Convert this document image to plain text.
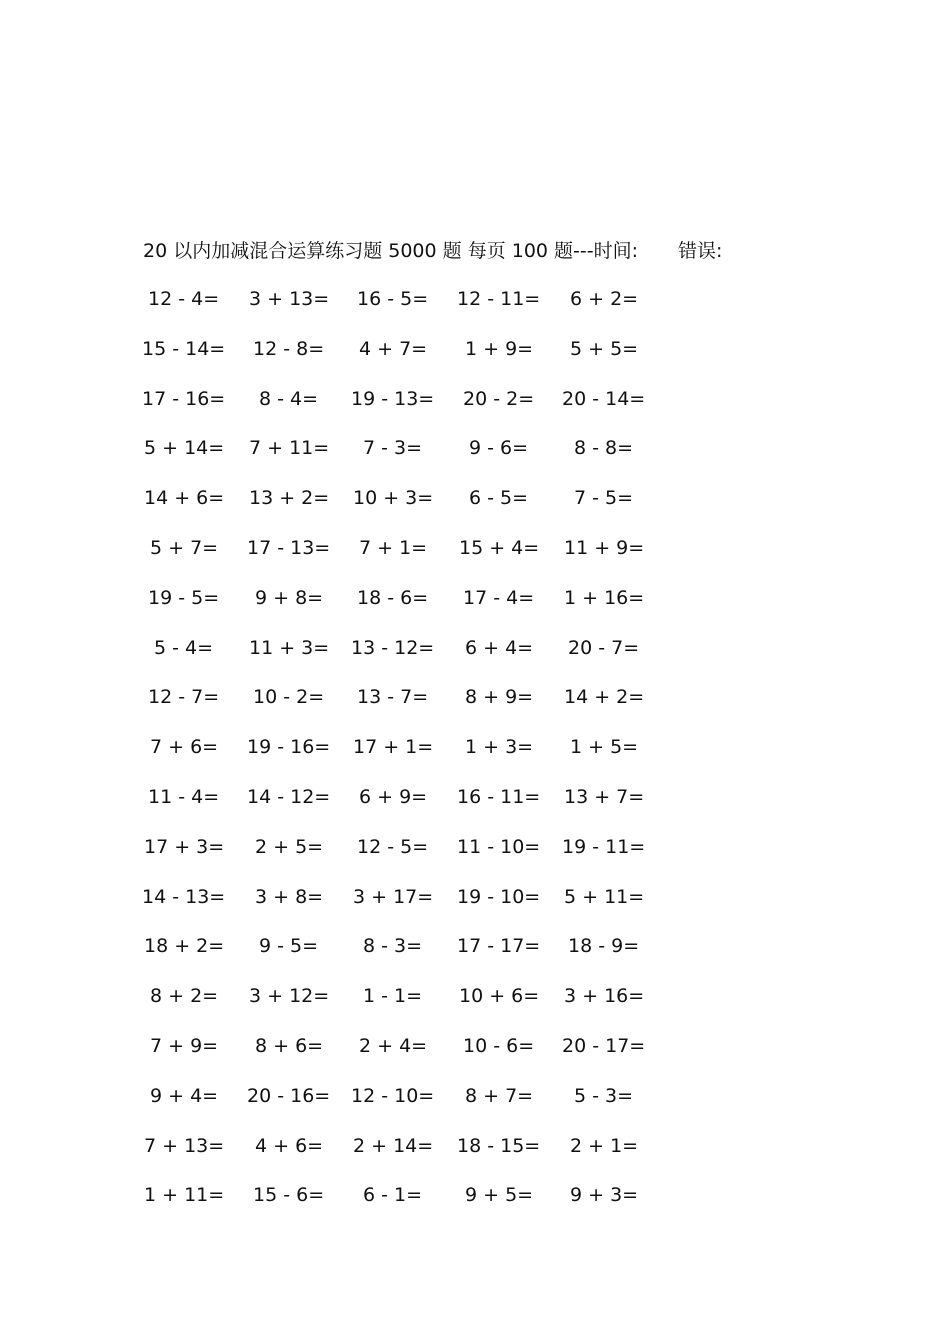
20 以内加减混合运算练习题 5000 题 每页 100 题---时间: 错误:
12 - 4= 3 + 13= 16 - 5= 12 - 11= 6 + 2=
15 - 14= 12 - 8= 4 + 7= 1 + 9= 5 + 5=
17 - 16= 8 - 4= 19 - 13= 20 - 2= 20 - 14=
5 + 14= 7 + 11= 7 - 3= 9 - 6= 8 - 8=
14 + 6= 13 + 2= 10 + 3= 6 - 5= 7 - 5=
5 + 7= 17 - 13= 7 + 1= 15 + 4= 11 + 9=
19 - 5= 9 + 8= 18 - 6= 17 - 4= 1 + 16=
5 - 4= 11 + 3= 13 - 12= 6 + 4= 20 - 7=
12 - 7= 10 - 2= 13 - 7= 8 + 9= 14 + 2=
7 + 6= 19 - 16= 17 + 1= 1 + 3= 1 + 5=
11 - 4= 14 - 12= 6 + 9= 16 - 11= 13 + 7=
17 + 3= 2 + 5= 12 - 5= 11 - 10= 19 - 11=
14 - 13= 3 + 8= 3 + 17= 19 - 10= 5 + 11=
18 + 2= 9 - 5= 8 - 3= 17 - 17= 18 - 9=
8 + 2= 3 + 12= 1 - 1= 10 + 6= 3 + 16=
7 + 9= 8 + 6= 2 + 4= 10 - 6= 20 - 17=
9 + 4= 20 - 16= 12 - 10= 8 + 7= 5 - 3=
7 + 13= 4 + 6= 2 + 14= 18 - 15= 2 + 1=
1 + 11= 15 - 6= 6 - 1= 9 + 5= 9 + 3=
